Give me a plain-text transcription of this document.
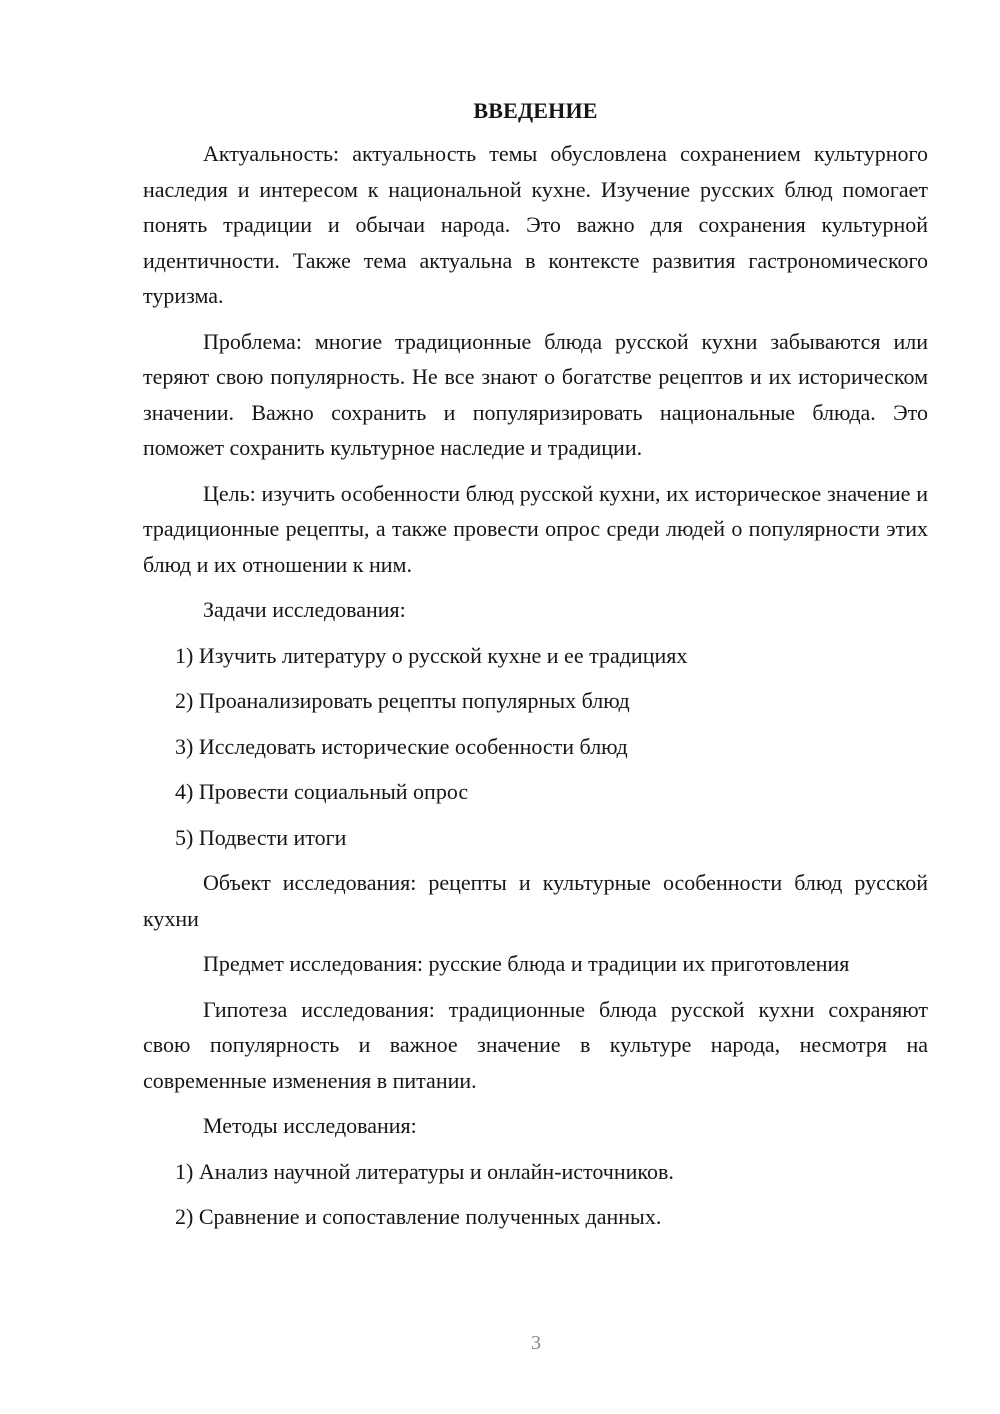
ВВЕДЕНИЕ

Актуальность: актуальность темы обусловлена сохранением культурного наследия и интересом к национальной кухне. Изучение русских блюд помогает понять традиции и обычаи народа. Это важно для сохранения культурной идентичности. Также тема актуальна в контексте развития гастрономического туризма.

Проблема: многие традиционные блюда русской кухни забываются или теряют свою популярность. Не все знают о богатстве рецептов и их историческом значении. Важно сохранить и популяризировать национальные блюда. Это поможет сохранить культурное наследие и традиции.

Цель: изучить особенности блюд русской кухни, их историческое значение и традиционные рецепты, а также провести опрос среди людей о популярности этих блюд и их отношении к ним.

Задачи исследования:
1) Изучить литературу о русской кухне и ее традициях
2) Проанализировать рецепты популярных блюд
3) Исследовать исторические особенности блюд
4) Провести социальный опрос
5) Подвести итоги

Объект исследования: рецепты и культурные особенности блюд русской кухни

Предмет исследования: русские блюда и традиции их приготовления

Гипотеза исследования: традиционные блюда русской кухни сохраняют свою популярность и важное значение в культуре народа, несмотря на современные изменения в питании.

Методы исследования:
1) Анализ научной литературы и онлайн-источников.
2) Сравнение и сопоставление полученных данных.
3
